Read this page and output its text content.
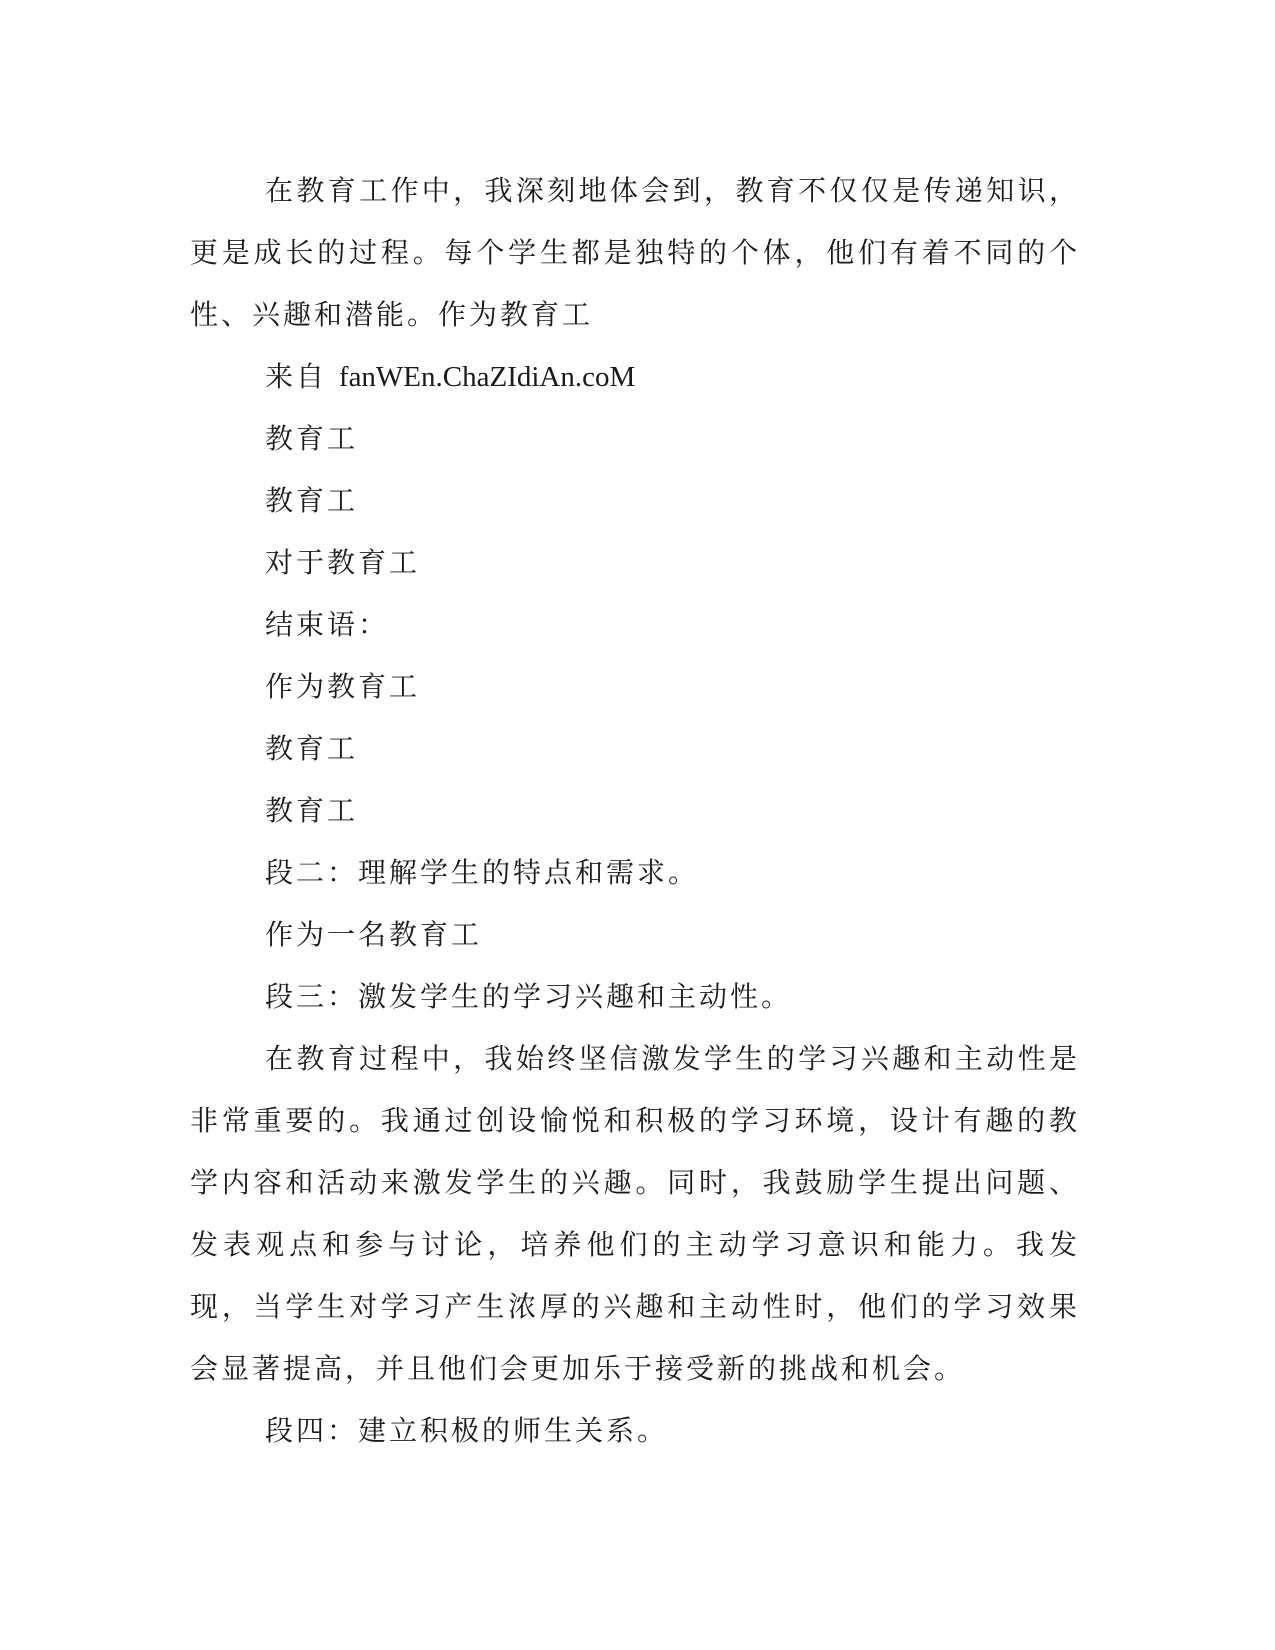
在教育工作中，我深刻地体会到，教育不仅仅是传递知识，更是成长的过程。每个学生都是独特的个体，他们有着不同的个性、兴趣和潜能。作为教育工

来自 fanWEn.ChaZIdiAn.coM

教育工

教育工

对于教育工

结束语：

作为教育工

教育工

教育工

段二：理解学生的特点和需求。

作为一名教育工

段三：激发学生的学习兴趣和主动性。

在教育过程中，我始终坚信激发学生的学习兴趣和主动性是非常重要的。我通过创设愉悦和积极的学习环境，设计有趣的教学内容和活动来激发学生的兴趣。同时，我鼓励学生提出问题、发表观点和参与讨论，培养他们的主动学习意识和能力。我发现，当学生对学习产生浓厚的兴趣和主动性时，他们的学习效果会显著提高，并且他们会更加乐于接受新的挑战和机会。

段四：建立积极的师生关系。
